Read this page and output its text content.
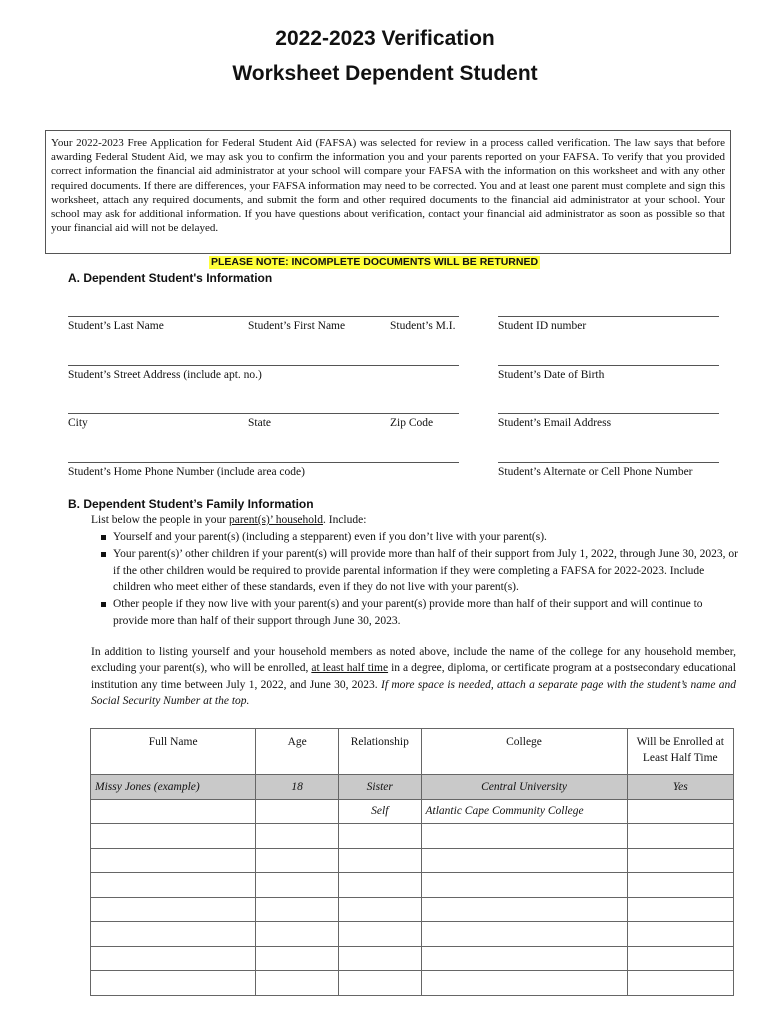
2022-2023 Verification
Worksheet Dependent Student
Your 2022-2023 Free Application for Federal Student Aid (FAFSA) was selected for review in a process called verification. The law says that before awarding Federal Student Aid, we may ask you to confirm the information you and your parents reported on your FAFSA. To verify that you provided correct information the financial aid administrator at your school will compare your FAFSA with the information on this worksheet and with any other required documents. If there are differences, your FAFSA information may need to be corrected. You and at least one parent must complete and sign this worksheet, attach any required documents, and submit the form and other required documents to the financial aid administrator at your school. Your school may ask for additional information. If you have questions about verification, contact your financial aid administrator as soon as possible so that your financial aid will not be delayed.
PLEASE NOTE: INCOMPLETE DOCUMENTS WILL BE RETURNED
A. Dependent Student's Information
Student’s Last Name	Student’s First Name	Student’s M.I.	Student ID number
Student’s Street Address (include apt. no.)	Student’s Date of Birth
City	State	Zip Code	Student’s Email Address
Student’s Home Phone Number (include area code)	Student’s Alternate or Cell Phone Number
B. Dependent Student’s Family Information
List below the people in your parent(s)’ household. Include:
Yourself and your parent(s) (including a stepparent) even if you don’t live with your parent(s).
Your parent(s)’ other children if your parent(s) will provide more than half of their support from July 1, 2022, through June 30, 2023, or if the other children would be required to provide parental information if they were completing a FAFSA for 2022-2023. Include children who meet either of these standards, even if they do not live with your parent(s).
Other people if they now live with your parent(s) and your parent(s) provide more than half of their support and will continue to provide more than half of their support through June 30, 2023.
In addition to listing yourself and your household members as noted above, include the name of the college for any household member, excluding your parent(s), who will be enrolled, at least half time in a degree, diploma, or certificate program at a postsecondary educational institution any time between July 1, 2022, and June 30, 2023. If more space is needed, attach a separate page with the student’s name and Social Security Number at the top.
Full Name	Age	Relationship	College	Will be Enrolled at Least Half Time
Missy Jones (example)	18	Sister	Central University	Yes
		Self	Atlantic Cape Community College	
